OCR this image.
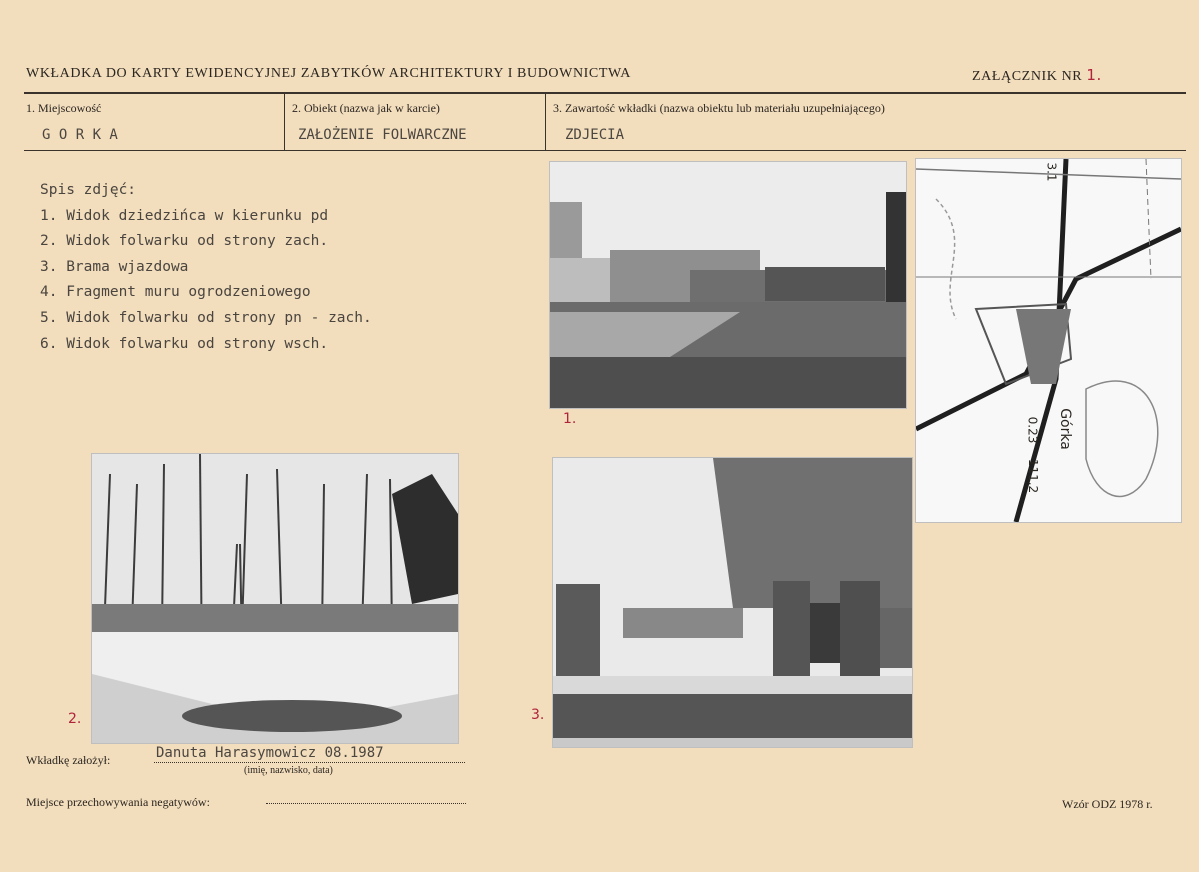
WKŁADKA DO KARTY EWIDENCYJNEJ ZABYTKÓW ARCHITEKTURY I BUDOWNICTWA	ZAŁĄCZNIK NR 1.
1. Miejscowość
G O R K A
2. Obiekt (nazwa jak w karcie)
ZAŁOŻENIE FOLWARCZNE
3. Zawartość wkładki (nazwa obiektu lub materiału uzupełniającego)
ZDJECIA
Spis zdjęć:
1. Widok dziedzińca w kierunku pd
2. Widok folwarku od strony zach.
3. Brama wjazdowa
4. Fragment muru ogrodzeniowego
5. Widok folwarku od strony pn - zach.
6. Widok folwarku od strony wsch.
1.
3.1
Górka
0.23
111.2
2.	3.
Wkładkę założył:	Danuta Harasymowicz 08.1987
(imię, nazwisko, data)
Miejsce przechowywania negatywów:	Wzór ODZ 1978 r.
